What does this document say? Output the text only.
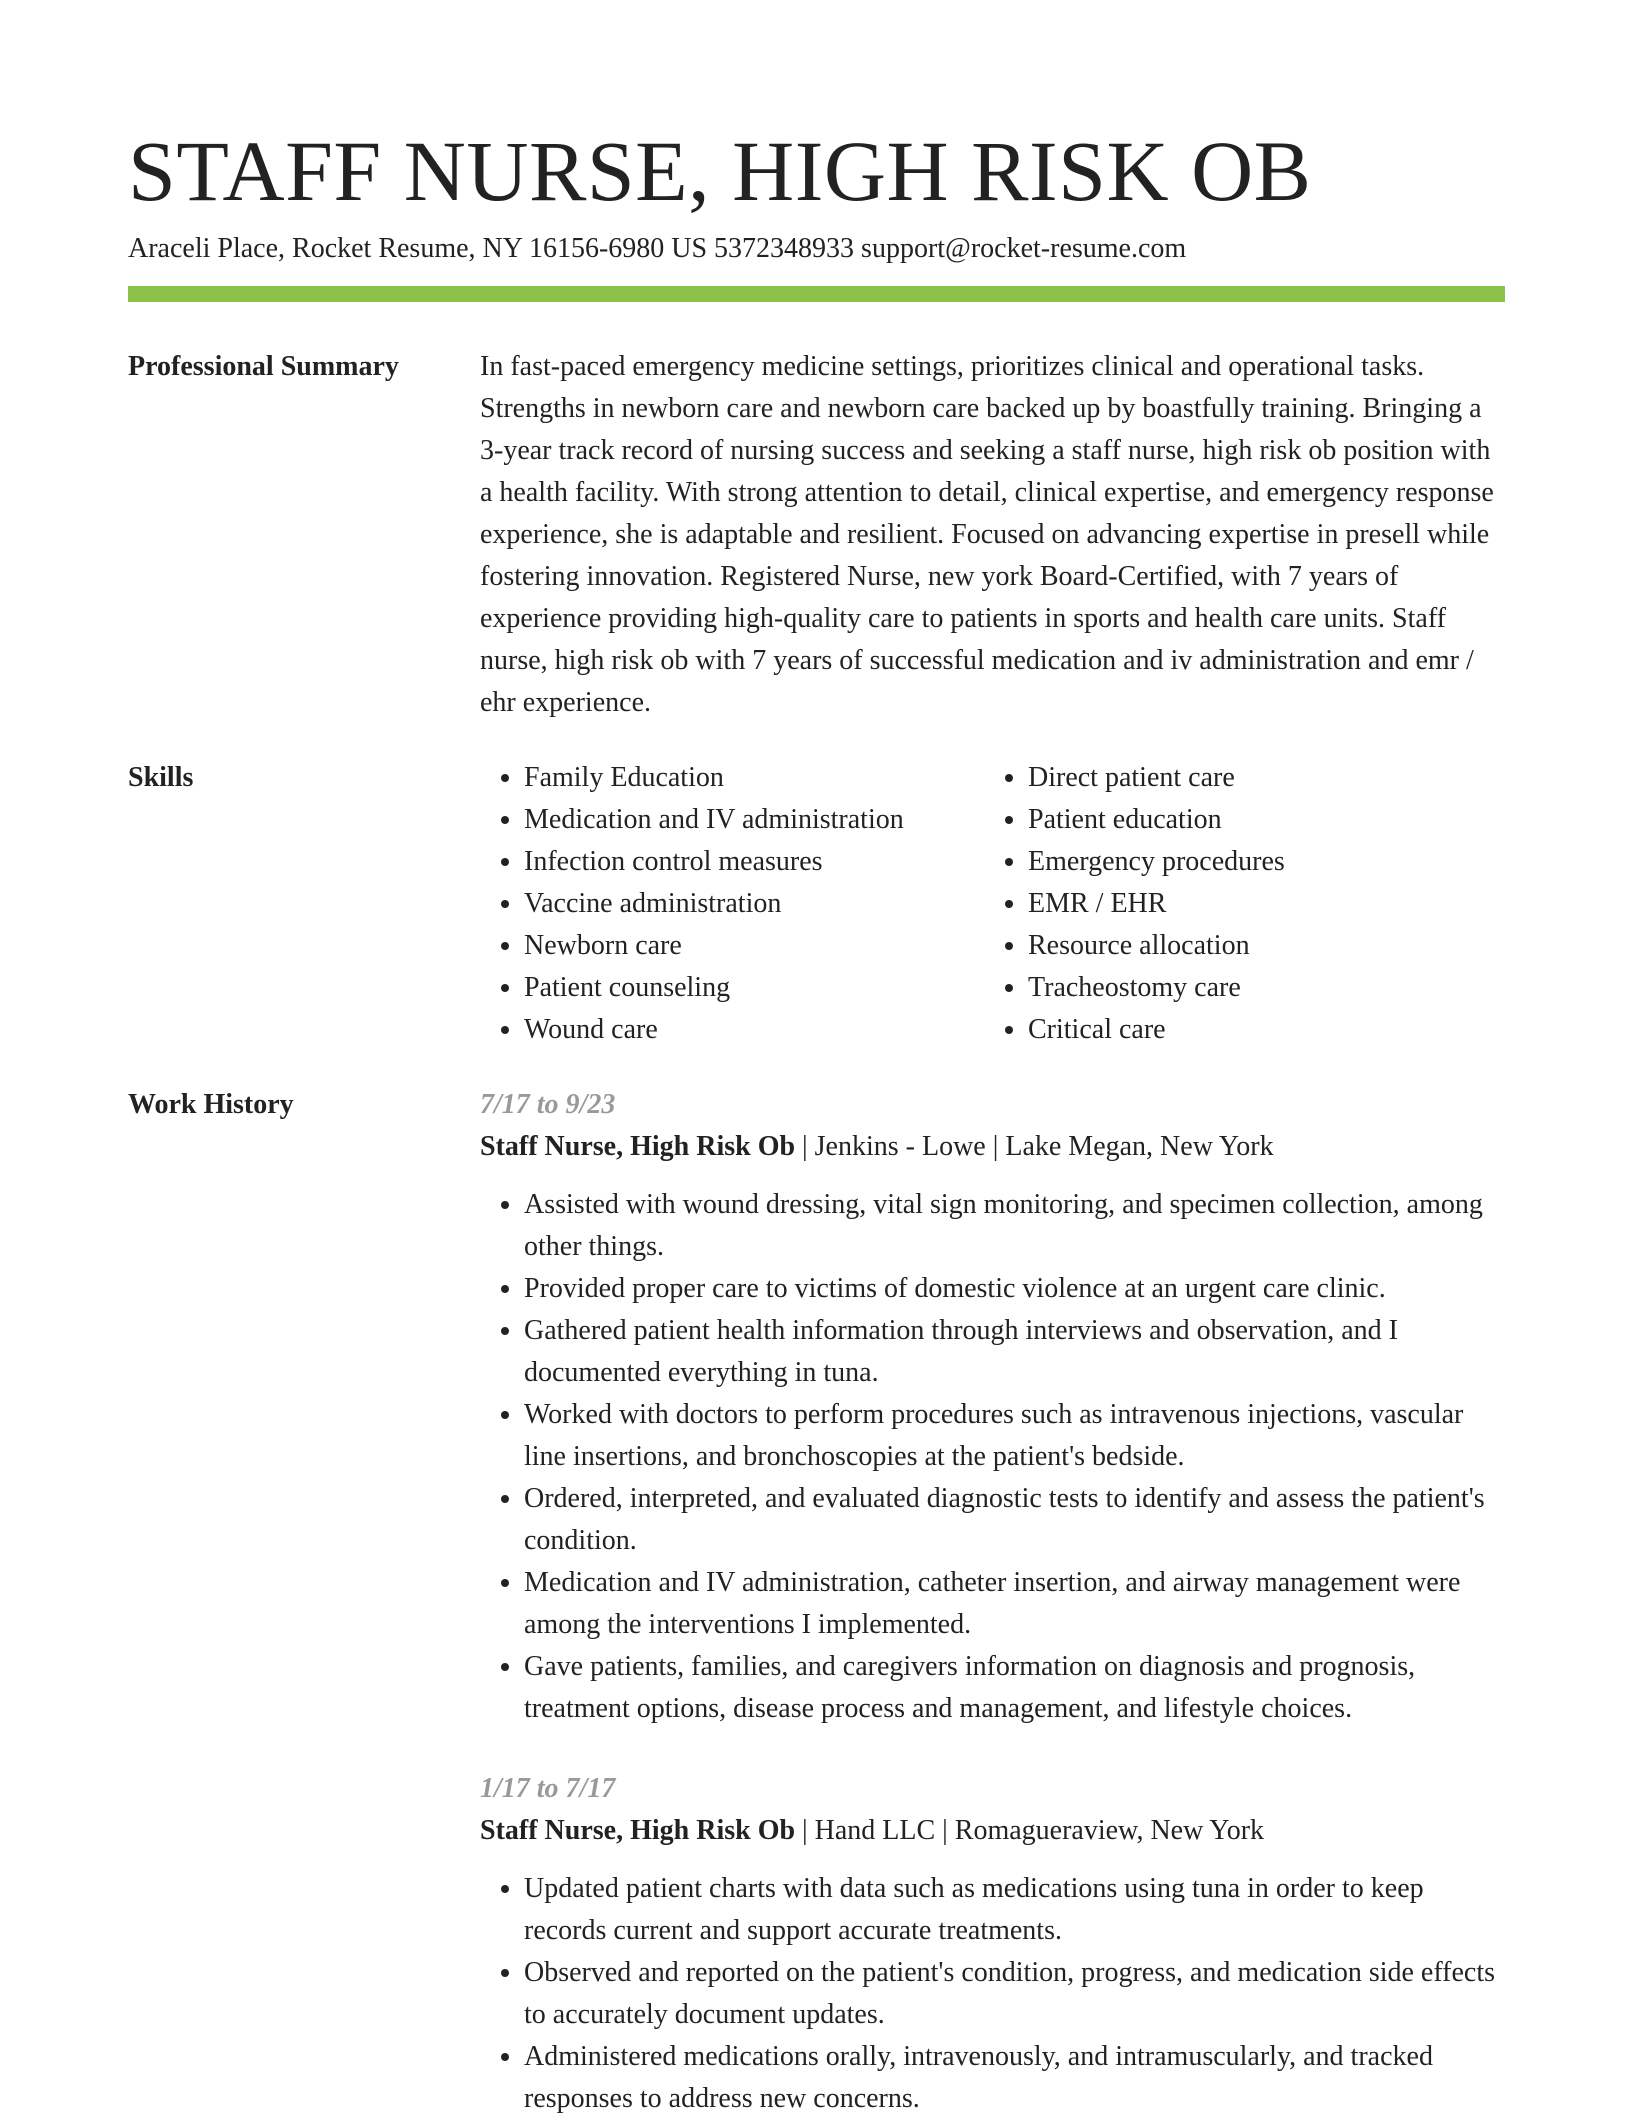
STAFF NURSE, HIGH RISK OB
Araceli Place, Rocket Resume, NY 16156-6980 US 5372348933 support@rocket-resume.com
Professional Summary	In fast-paced emergency medicine settings, prioritizes clinical and operational tasks. Strengths in newborn care and newborn care backed up by boastfully training. Bringing a 3-year track record of nursing success and seeking a staff nurse, high risk ob position with a health facility. With strong attention to detail, clinical expertise, and emergency response experience, she is adaptable and resilient. Focused on advancing expertise in presell while fostering innovation. Registered Nurse, new york Board-Certified, with 7 years of experience providing high-quality care to patients in sports and health care units. Staff nurse, high risk ob with 7 years of successful medication and iv administration and emr / ehr experience.

Skills
•	Family Education
• Medication and IV administration
• Infection control measures
• Vaccine administration
• Newborn care
• Patient counseling
• Wound care
• Direct patient care
• Patient education
• Emergency procedures
• EMR / EHR
• Resource allocation
• Tracheostomy care
• Critical care
Work History	7/17 to 9/23
Staff Nurse, High Risk Ob | Jenkins - Lowe | Lake Megan, New York
• Assisted with wound dressing, vital sign monitoring, and specimen collection, among other things.
• Provided proper care to victims of domestic violence at an urgent care clinic.
• Gathered patient health information through interviews and observation, and I documented everything in tuna.
• Worked with doctors to perform procedures such as intravenous injections, vascular line insertions, and bronchoscopies at the patient's bedside.
• Ordered, interpreted, and evaluated diagnostic tests to identify and assess the patient's condition.
• Medication and IV administration, catheter insertion, and airway management were among the interventions I implemented.
• Gave patients, families, and caregivers information on diagnosis and prognosis, treatment options, disease process and management, and lifestyle choices.
1/17 to 7/17
Staff Nurse, High Risk Ob | Hand LLC | Romagueraview, New York
• Updated patient charts with data such as medications using tuna in order to keep records current and support accurate treatments.
• Observed and reported on the patient's condition, progress, and medication side effects to accurately document updates.
• Administered medications orally, intravenously, and intramuscularly, and tracked responses to address new concerns.
